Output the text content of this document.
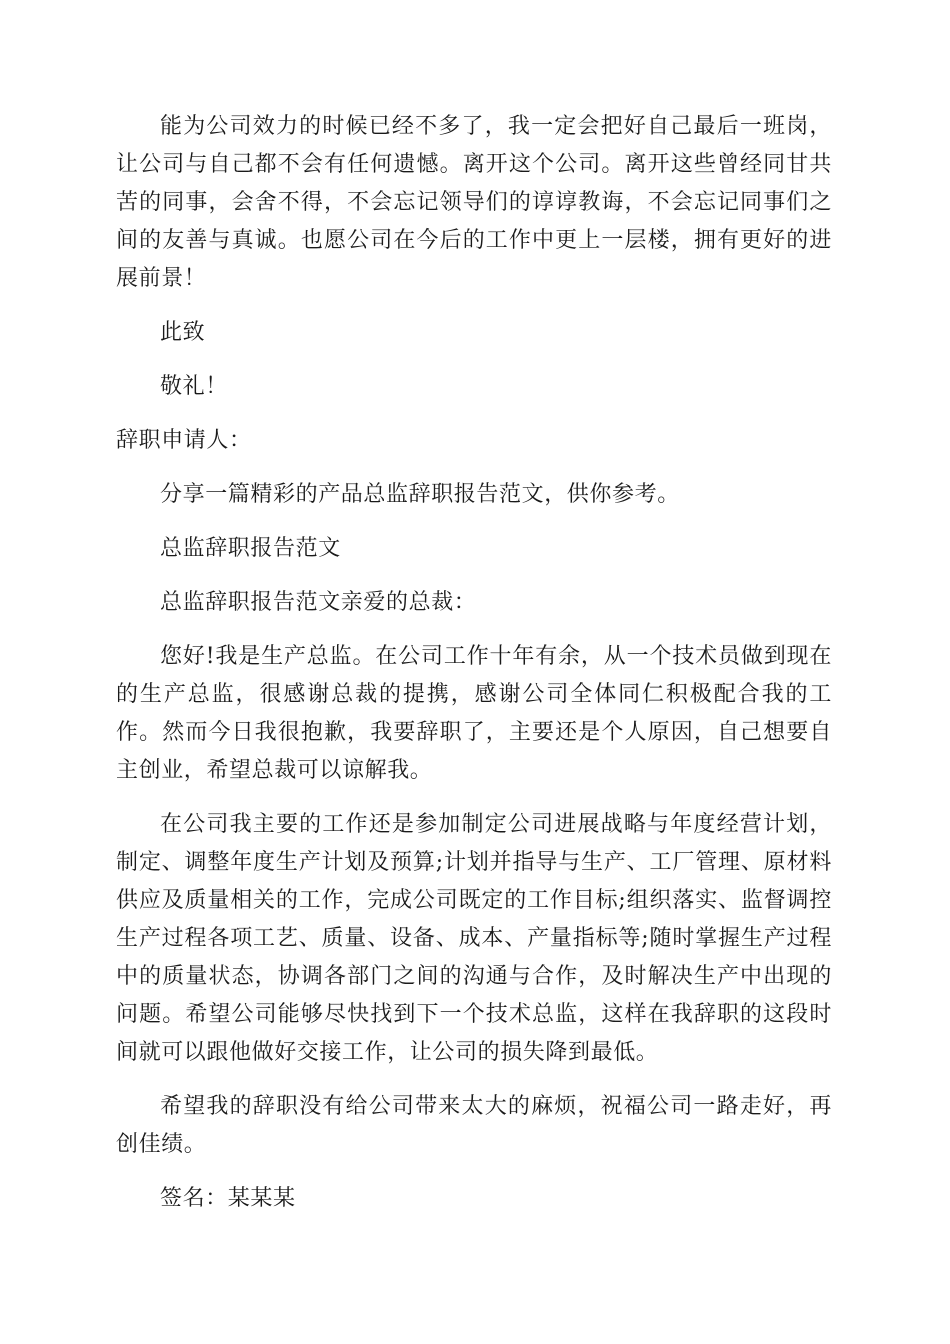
能为公司效力的时候已经不多了，我一定会把好自己最后一班岗，让公司与自己都不会有任何遗憾。离开这个公司。离开这些曾经同甘共苦的同事，会舍不得，不会忘记领导们的谆谆教诲，不会忘记同事们之间的友善与真诚。也愿公司在今后的工作中更上一层楼，拥有更好的进展前景！

此致

敬礼！

辞职申请人：

分享一篇精彩的产品总监辞职报告范文，供你参考。

总监辞职报告范文

总监辞职报告范文亲爱的总裁：

您好!我是生产总监。在公司工作十年有余，从一个技术员做到现在的生产总监，很感谢总裁的提携，感谢公司全体同仁积极配合我的工作。然而今日我很抱歉，我要辞职了，主要还是个人原因，自己想要自主创业，希望总裁可以谅解我。

在公司我主要的工作还是参加制定公司进展战略与年度经营计划，制定、调整年度生产计划及预算;计划并指导与生产、工厂管理、原材料供应及质量相关的工作，完成公司既定的工作目标;组织落实、监督调控生产过程各项工艺、质量、设备、成本、产量指标等;随时掌握生产过程中的质量状态，协调各部门之间的沟通与合作，及时解决生产中出现的问题。希望公司能够尽快找到下一个技术总监，这样在我辞职的这段时间就可以跟他做好交接工作，让公司的损失降到最低。

希望我的辞职没有给公司带来太大的麻烦，祝福公司一路走好，再创佳绩。

签名：某某某
